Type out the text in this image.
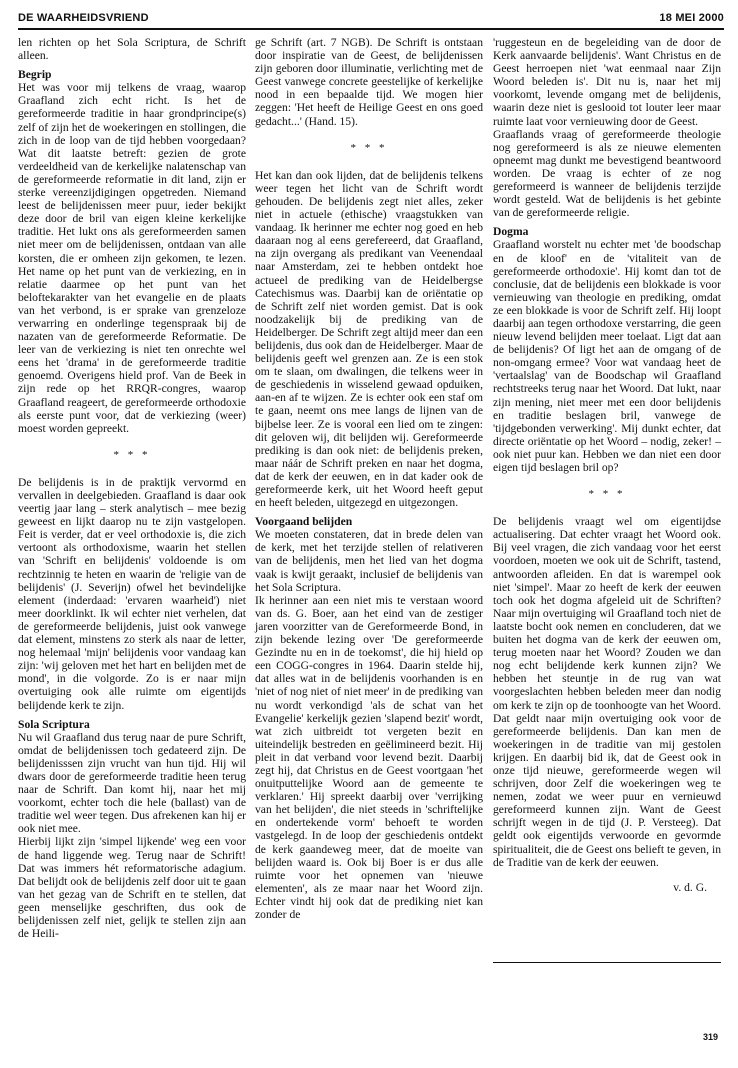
DE WAARHEIDSVRIEND	18 MEI 2000

len richten op het Sola Scriptura, de Schrift alleen.

Begrip

Het was voor mij telkens de vraag, waarop Graafland zich echt richt. Is het de gereformeerde traditie in haar grondprincipe(s) zelf of zijn het de woekeringen en stollingen, die zich in de loop van de tijd hebben voorgedaan? Wat dit laatste betreft: gezien de grote verdeeldheid van de kerkelijke nalatenschap van de gereformeerde reformatie in dit land, zijn er sterke vereenzijdigingen opgetreden. Niemand leest de belijdenissen meer puur, ieder bekijkt deze door de bril van eigen kleine kerkelijke traditie. Het lukt ons als gereformeerden samen niet meer om de belijdenissen, ontdaan van alle korsten, die er omheen zijn gekomen, te lezen. Het name op het punt van de verkiezing, en in relatie daarmee op het punt van het beloftekarakter van het evangelie en de plaats van het verbond, is er sprake van grenzeloze verwarring en onderlinge tegenspraak bij de nazaten van de gereformeerde Reformatie. De leer van de verkiezing is niet ten onrechte wel eens het 'drama' in de gereformeerde traditie genoemd. Overigens hield prof. Van de Beek in zijn rede op het RRQR-congres, waarop Graafland reageert, de gereformeerde orthodoxie als eerste punt voor, dat de verkiezing (weer) moest worden gepreekt.

* * *

De belijdenis is in de praktijk vervormd en vervallen in deelgebieden. Graafland is daar ook veertig jaar lang – sterk analytisch – mee bezig geweest en lijkt daarop nu te zijn vastgelopen. Feit is verder, dat er veel orthodoxie is, die zich vertoont als orthodoxisme, waarin het stellen van 'Schrift en belijdenis' voldoende is om rechtzinnig te heten en waarin de 'religie van de belijdenis' (J. Severijn) ofwel het bevindelijke element (inderdaad: 'ervaren waarheid') niet meer doorklinkt. Ik wil echter niet verhelen, dat de gereformeerde belijdenis, juist ook vanwege dat element, minstens zo sterk als naar de letter, nog helemaal 'mijn' belijdenis voor vandaag kan zijn: 'wij geloven met het hart en belijden met de mond', in die volgorde. Zo is er naar mijn overtuiging ook alle ruimte om eigentijds belijdende kerk te zijn.

Sola Scriptura

Nu wil Graafland dus terug naar de pure Schrift, omdat de belijdenissen toch gedateerd zijn. De belijdenisssen zijn vrucht van hun tijd. Hij wil dwars door de gereformeerde traditie heen terug naar de Schrift. Dan komt hij, naar het mij voorkomt, echter toch die hele (ballast) van de traditie wel weer tegen. Dus afrekenen kan hij er ook niet mee.

Hierbij lijkt zijn 'simpel lijkende' weg een voor de hand liggende weg. Terug naar de Schrift! Dat was immers hét reformatorische adagium. Dat belijdt ook de belijdenis zelf door uit te gaan van het gezag van de Schrift en te stellen, dat geen menselijke geschriften, dus ook de belijdenissen zelf niet, gelijk te stellen zijn aan de Heili-

ge Schrift (art. 7 NGB). De Schrift is ontstaan door inspiratie van de Geest, de belijdenissen zijn geboren door illuminatie, verlichting met de Geest vanwege concrete geestelijke of kerkelijke nood in een bepaalde tijd. We mogen hier zeggen: 'Het heeft de Heilige Geest en ons goed gedacht...' (Hand. 15).

* * *

Het kan dan ook lijden, dat de belijdenis telkens weer tegen het licht van de Schrift wordt gehouden. De belijdenis zegt niet alles, zeker niet in actuele (ethische) vraagstukken van vandaag. Ik herinner me echter nog goed en heb daaraan nog al eens gerefereerd, dat Graafland, na zijn overgang als predikant van Veenendaal naar Amsterdam, zei te hebben ontdekt hoe actueel de prediking van de Heidelbergse Catechismus was. Daarbij kan de oriëntatie op de Schrift zelf niet worden gemist. Dat is ook noodzakelijk bij de prediking van de Heidelberger. De Schrift zegt altijd meer dan een belijdenis, dus ook dan de Heidelberger. Maar de belijdenis geeft wel grenzen aan. Ze is een stok om te slaan, om dwalingen, die telkens weer in de geschiedenis in wisselend gewaad opduiken, aan-en af te wijzen. Ze is echter ook een staf om te gaan, neemt ons mee langs de lijnen van de bijbelse leer. Ze is vooral een lied om te zingen: dit geloven wij, dit belijden wij. Gereformeerde prediking is dan ook niet: de belijdenis preken, maar náár de Schrift preken en naar het dogma, dat de kerk der eeuwen, en in dat kader ook de gereformeerde kerk, uit het Woord heeft geput en heeft beleden, uitgezegd en uitgezongen.

Voorgaand belijden

We moeten constateren, dat in brede delen van de kerk, met het terzijde stellen of relativeren van de belijdenis, men het lied van het dogma vaak is kwijt geraakt, inclusief de belijdenis van het Sola Scriptura.

Ik herinner aan een niet mis te verstaan woord van ds. G. Boer, aan het eind van de zestiger jaren voorzitter van de Gereformeerde Bond, in zijn bekende lezing over 'De gereformeerde Gezindte nu en in de toekomst', die hij hield op een COGG-congres in 1964. Daarin stelde hij, dat alles wat in de belijdenis voorhanden is en 'niet of nog niet of niet meer' in de prediking van nu wordt verkondigd 'als de schat van het Evangelie' kerkelijk gezien 'slapend bezit' wordt, wat zich uitbreidt tot vergeten bezit en uiteindelijk bestreden en geëlimineerd bezit. Hij pleit in dat verband voor levend bezit. Daarbij zegt hij, dat Christus en de Geest voortgaan 'het onuitputtelijke Woord aan de gemeente te verklaren.' Hij spreekt daarbij over 'verrijking van het belijden', die niet steeds in 'schriftelijke en ondertekende vorm' behoeft te worden vastgelegd. In de loop der geschiedenis ontdekt de kerk gaandeweg meer, dat de moeite van belijden waard is. Ook bij Boer is er dus alle ruimte voor het opnemen van 'nieuwe elementen', als ze maar naar het Woord zijn. Echter vindt hij ook dat de prediking niet kan zonder de

'ruggesteun en de begeleiding van de door de Kerk aanvaarde belijdenis'. Want Christus en de Geest herroepen niet 'wat eenmaal naar Zijn Woord beleden is'. Dit nu is, naar het mij voorkomt, levende omgang met de belijdenis, waarin deze niet is geslooid tot louter leer maar ruimte laat voor vernieuwing door de Geest.

Graaflands vraag of gereformeerde theologie nog gereformeerd is als ze nieuwe elementen opneemt mag dunkt me bevestigend beantwoord worden. De vraag is echter of ze nog gereformeerd is wanneer de belijdenis terzijde wordt gesteld. Wat de belijdenis is het gebinte van de gereformeerde religie.

Dogma

Graafland worstelt nu echter met 'de boodschap en de kloof' en de 'vitaliteit van de gereformeerde orthodoxie'. Hij komt dan tot de conclusie, dat de belijdenis een blokkade is voor vernieuwing van theologie en prediking, omdat ze een blokkade is voor de Schrift zelf. Hij loopt daarbij aan tegen orthodoxe verstarring, die geen nieuw levend belijden meer toelaat. Ligt dat aan de belijdenis? Of ligt het aan de omgang of de non-omgang ermee? Voor wat vandaag heet de 'vertaalslag' van de Boodschap wil Graafland rechtstreeks terug naar het Woord. Dat lukt, naar zijn mening, niet meer met een door belijdenis en traditie beslagen bril, vanwege de 'tijdgebonden verwerking'. Mij dunkt echter, dat directe oriëntatie op het Woord – nodig, zeker! – ook niet puur kan. Hebben we dan niet een door eigen tijd beslagen bril op?

* * *

De belijdenis vraagt wel om eigentijdse actualisering. Dat echter vraagt het Woord ook. Bij veel vragen, die zich vandaag voor het eerst voordoen, moeten we ook uit de Schrift, tastend, antwoorden afleiden. En dat is warempel ook niet 'simpel'. Maar zo heeft de kerk der eeuwen toch ook het dogma afgeleid uit de Schriften? Naar mijn overtuiging wil Graafland toch niet de laatste bocht ook nemen en concluderen, dat we buiten het dogma van de kerk der eeuwen om, terug moeten naar het Woord? Zouden we dan nog echt belijdende kerk kunnen zijn? We hebben het steuntje in de rug van wat voorgeslachten hebben beleden meer dan nodig om kerk te zijn op de toonhoogte van het Woord. Dat geldt naar mijn overtuiging ook voor de gereformeerde belijdenis. Dan kan men de woekeringen in de traditie van mij gestolen krijgen. En daarbij bid ik, dat de Geest ook in onze tijd nieuwe, gereformeerde wegen wil schrijven, door Zelf die woekeringen weg te nemen, zodat we weer puur en vernieuwd gereformeerd kunnen zijn. Want de Geest schrijft wegen in de tijd (J. P. Versteeg). Dat geldt ook eigentijds verwoorde en gevormde spiritualiteit, die de Geest ons belieft te geven, in de Traditie van de kerk der eeuwen.

v. d. G.
319
